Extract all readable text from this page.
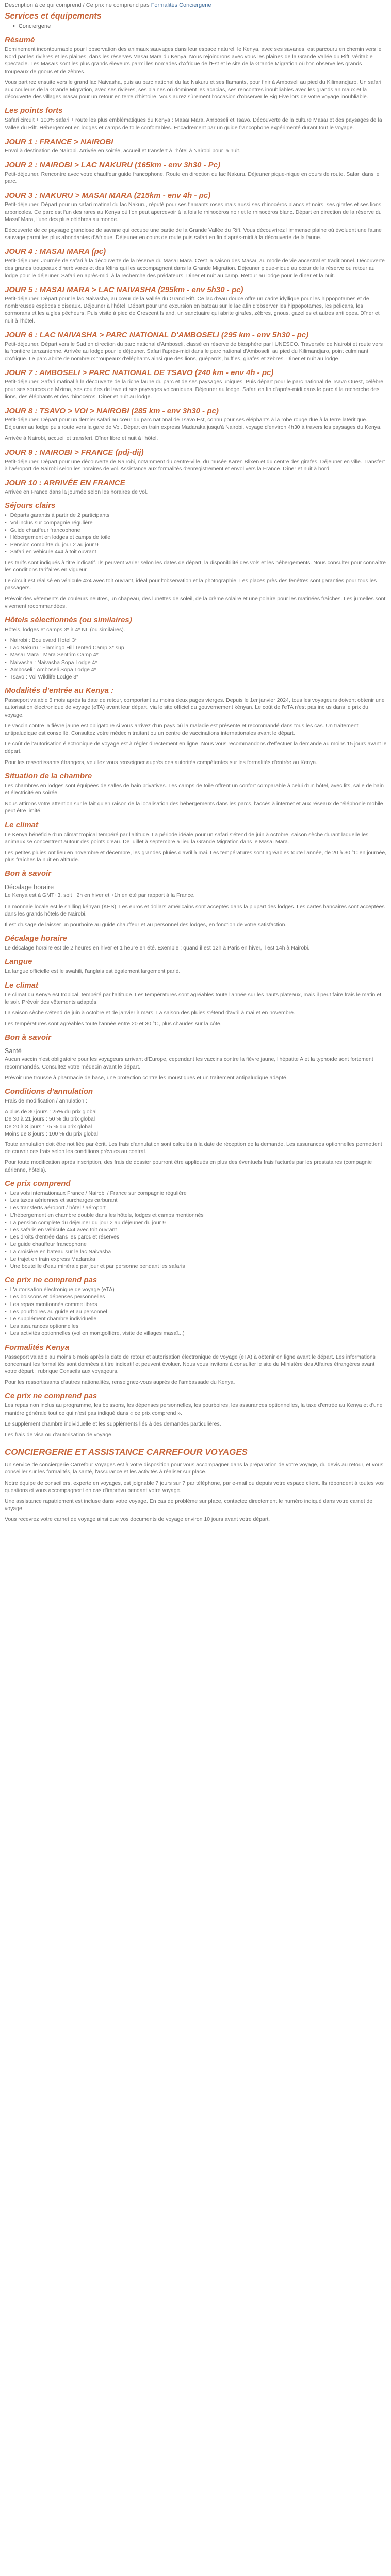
Description à ce qui comprend / Ce prix ne comprend pas Formalités Conciergerie
Services et équipements
• Conciergerie
Résumé

Dominement incontournable pour l'observation des animaux sauvages dans leur espace naturel, le Kenya, avec ses savanes, est parcouru en chemin vers le Nord par les rivières et les plaines, dans les réserves Masaï Mara du Kenya. Nous rejoindrons avec vous les plaines de la Grande Vallée du Rift, véritable spectacle. Les Masaïs sont les plus grands éleveurs parmi les nomades d'Afrique de l'Est et le site de la Grande Migration où l'on observe les grands troupeaux de gnous et de zèbres.

Vous partirez ensuite vers le grand lac Naivasha, puis au parc national du lac Nakuru et ses flamants, pour finir à Amboseli au pied du Kilimandjaro. Un safari aux couleurs de la Grande Migration, avec ses rivières, ses plaines où dominent les acacias, ses rencontres inoubliables avec les grands animaux et la découverte des villages masaï pour un retour en terre d'histoire. Vous aurez sûrement l'occasion d'observer le Big Five lors de votre voyage inoubliable.

Les points forts

Safari circuit + 100% safari + route les plus emblématiques du Kenya : Masaï Mara, Amboseli et Tsavo. Découverte de la culture Masaï et des paysages de la Vallée du Rift. Hébergement en lodges et camps de toile confortables. Encadrement par un guide francophone expérimenté durant tout le voyage.

JOUR 1 : FRANCE > NAIROBI

Envol à destination de Nairobi. Arrivée en soirée, accueil et transfert à l'hôtel à Nairobi pour la nuit.

JOUR 2 : NAIROBI > LAC NAKURU (165km - env 3h30 - Pc)

Petit-déjeuner. Rencontre avec votre chauffeur guide francophone. Route en direction du lac Nakuru. Déjeuner pique-nique en cours de route. Safari dans le parc.

JOUR 3 : NAKURU > MASAI MARA (215km - env 4h - pc)

Petit-déjeuner. Départ pour un safari matinal du lac Nakuru, réputé pour ses flamants roses mais aussi ses rhinocéros blancs et noirs, ses girafes et ses lions arboricoles. Ce parc est l'un des rares au Kenya où l'on peut apercevoir à la fois le rhinocéros noir et le rhinocéros blanc. Départ en direction de la réserve du Masaï Mara, l'une des plus célèbres au monde.

Découverte de ce paysage grandiose de savane qui occupe une partie de la Grande Vallée du Rift. Vous découvrirez l'immense plaine où évoluent une faune sauvage parmi les plus abondantes d'Afrique. Déjeuner en cours de route puis safari en fin d'après-midi à la découverte de la faune.

JOUR 4 : MASAI MARA (pc)

Petit-déjeuner. Journée de safari à la découverte de la réserve du Masaï Mara. C'est la saison des Masaï, au mode de vie ancestral et traditionnel. Découverte des grands troupeaux d'herbivores et des félins qui les accompagnent dans la Grande Migration. Déjeuner pique-nique au cœur de la réserve ou retour au lodge pour le déjeuner. Safari en après-midi à la recherche des prédateurs. Dîner et nuit au camp. Retour au lodge pour le dîner et la nuit.

JOUR 5 : MASAI MARA > LAC NAIVASHA (295km - env 5h30 - pc)

Petit-déjeuner. Départ pour le lac Naivasha, au cœur de la Vallée du Grand Rift. Ce lac d'eau douce offre un cadre idyllique pour les hippopotames et de nombreuses espèces d'oiseaux. Déjeuner à l'hôtel. Départ pour une excursion en bateau sur le lac afin d'observer les hippopotames, les pélicans, les cormorans et les aigles pêcheurs. Puis visite à pied de Crescent Island, un sanctuaire qui abrite girafes, zèbres, gnous, gazelles et autres antilopes. Dîner et nuit à l'hôtel.

JOUR 6 : LAC NAIVASHA > PARC NATIONAL D'AMBOSELI (295 km - env 5h30 - pc)

Petit-déjeuner. Départ vers le Sud en direction du parc national d'Amboseli, classé en réserve de biosphère par l'UNESCO. Traversée de Nairobi et route vers la frontière tanzanienne. Arrivée au lodge pour le déjeuner. Safari l'après-midi dans le parc national d'Amboseli, au pied du Kilimandjaro, point culminant d'Afrique. Le parc abrite de nombreux troupeaux d'éléphants ainsi que des lions, guépards, buffles, girafes et zèbres. Dîner et nuit au lodge.

JOUR 7 : AMBOSELI > PARC NATIONAL DE TSAVO (240 km - env 4h - pc)

Petit-déjeuner. Safari matinal à la découverte de la riche faune du parc et de ses paysages uniques. Puis départ pour le parc national de Tsavo Ouest, célèbre pour ses sources de Mzima, ses coulées de lave et ses paysages volcaniques. Déjeuner au lodge. Safari en fin d'après-midi dans le parc à la recherche des lions, des éléphants et des rhinocéros. Dîner et nuit au lodge.

JOUR 8 : TSAVO > VOI > NAIROBI (285 km - env 3h30 - pc)

Petit-déjeuner. Départ pour un dernier safari au cœur du parc national de Tsavo Est, connu pour ses éléphants à la robe rouge due à la terre latéritique. Déjeuner au lodge puis route vers la gare de Voi. Départ en train express Madaraka jusqu'à Nairobi, voyage d'environ 4h30 à travers les paysages du Kenya.

Arrivée à Nairobi, accueil et transfert. Dîner libre et nuit à l'hôtel.

JOUR 9 : NAIROBI > FRANCE (pdj-dij)

Petit-déjeuner. Départ pour une découverte de Nairobi, notamment du centre-ville, du musée Karen Blixen et du centre des girafes. Déjeuner en ville. Transfert à l'aéroport de Nairobi selon les horaires de vol. Assistance aux formalités d'enregistrement et envol vers la France. Dîner et nuit à bord.

JOUR 10 : ARRIVÉE EN FRANCE

Arrivée en France dans la journée selon les horaires de vol.

Séjours clairs
• Départs garantis à partir de 2 participants
• Vol inclus sur compagnie régulière
• Guide chauffeur francophone
• Hébergement en lodges et camps de toile
• Pension complète du jour 2 au jour 9
• Safari en véhicule 4x4 à toit ouvrant

Les tarifs sont indiqués à titre indicatif. Ils peuvent varier selon les dates de départ, la disponibilité des vols et les hébergements. Nous consulter pour connaître les conditions tarifaires en vigueur.

Le circuit est réalisé en véhicule 4x4 avec toit ouvrant, idéal pour l'observation et la photographie. Les places près des fenêtres sont garanties pour tous les passagers.

Prévoir des vêtements de couleurs neutres, un chapeau, des lunettes de soleil, de la crème solaire et une polaire pour les matinées fraîches. Les jumelles sont vivement recommandées.

Hôtels sélectionnés (ou similaires)

Hôtels, lodges et camps 3* à 4* NL (ou similaires).

• Nairobi : Boulevard Hotel 3*
• Lac Nakuru : Flamingo Hill Tented Camp 3* sup
• Masaï Mara : Mara Sentrim Camp 4*
• Naivasha : Naivasha Sopa Lodge 4*
• Amboseli : Amboseli Sopa Lodge 4*
• Tsavo : Voi Wildlife Lodge 3*
Modalités d'entrée au Kenya :

Passeport valable 6 mois après la date de retour, comportant au moins deux pages vierges. Depuis le 1er janvier 2024, tous les voyageurs doivent obtenir une autorisation électronique de voyage (eTA) avant leur départ, via le site officiel du gouvernement kényan. Le coût de l'eTA n'est pas inclus dans le prix du voyage.

Le vaccin contre la fièvre jaune est obligatoire si vous arrivez d'un pays où la maladie est présente et recommandé dans tous les cas. Un traitement antipaludique est conseillé. Consultez votre médecin traitant ou un centre de vaccinations internationales avant le départ.

Le coût de l'autorisation électronique de voyage est à régler directement en ligne. Nous vous recommandons d'effectuer la demande au moins 15 jours avant le départ.

Pour les ressortissants étrangers, veuillez vous renseigner auprès des autorités compétentes sur les formalités d'entrée au Kenya.

Situation de la chambre

Les chambres en lodges sont équipées de salles de bain privatives. Les camps de toile offrent un confort comparable à celui d'un hôtel, avec lits, salle de bain et électricité en soirée.

Nous attirons votre attention sur le fait qu'en raison de la localisation des hébergements dans les parcs, l'accès à internet et aux réseaux de téléphonie mobile peut être limité.

Le climat

Le Kenya bénéficie d'un climat tropical tempéré par l'altitude. La période idéale pour un safari s'étend de juin à octobre, saison sèche durant laquelle les animaux se concentrent autour des points d'eau. De juillet à septembre a lieu la Grande Migration dans le Masaï Mara.

Les petites pluies ont lieu en novembre et décembre, les grandes pluies d'avril à mai. Les températures sont agréables toute l'année, de 20 à 30 °C en journée, plus fraîches la nuit en altitude.

Bon à savoir
Décalage horaire

Le Kenya est à GMT+3, soit +2h en hiver et +1h en été par rapport à la France.

La monnaie locale est le shilling kényan (KES). Les euros et dollars américains sont acceptés dans la plupart des lodges. Les cartes bancaires sont acceptées dans les grands hôtels de Nairobi.

Il est d'usage de laisser un pourboire au guide chauffeur et au personnel des lodges, en fonction de votre satisfaction.

Décalage horaire

Le décalage horaire est de 2 heures en hiver et 1 heure en été. Exemple : quand il est 12h à Paris en hiver, il est 14h à Nairobi.

Langue

La langue officielle est le swahili, l'anglais est également largement parlé.

Le climat

Le climat du Kenya est tropical, tempéré par l'altitude. Les températures sont agréables toute l'année sur les hauts plateaux, mais il peut faire frais le matin et le soir. Prévoir des vêtements adaptés.

La saison sèche s'étend de juin à octobre et de janvier à mars. La saison des pluies s'étend d'avril à mai et en novembre.

Les températures sont agréables toute l'année entre 20 et 30 °C, plus chaudes sur la côte.

Bon à savoir
Santé

Aucun vaccin n'est obligatoire pour les voyageurs arrivant d'Europe, cependant les vaccins contre la fièvre jaune, l'hépatite A et la typhoïde sont fortement recommandés. Consultez votre médecin avant le départ.

Prévoir une trousse à pharmacie de base, une protection contre les moustiques et un traitement antipaludique adapté.

Conditions d'annulation

Frais de modification / annulation :

A plus de 30 jours : 25% du prix global
De 30 à 21 jours : 50 % du prix global
De 20 à 8 jours : 75 % du prix global
Moins de 8 jours : 100 % du prix global

Toute annulation doit être notifiée par écrit. Les frais d'annulation sont calculés à la date de réception de la demande. Les assurances optionnelles permettent de couvrir ces frais selon les conditions prévues au contrat.

Pour toute modification après inscription, des frais de dossier pourront être appliqués en plus des éventuels frais facturés par les prestataires (compagnie aérienne, hôtels).

Ce prix comprend
• Les vols internationaux France / Nairobi / France sur compagnie régulière
• Les taxes aériennes et surcharges carburant
• Les transferts aéroport / hôtel / aéroport
• L'hébergement en chambre double dans les hôtels, lodges et camps mentionnés
• La pension complète du déjeuner du jour 2 au déjeuner du jour 9
• Les safaris en véhicule 4x4 avec toit ouvrant
• Les droits d'entrée dans les parcs et réserves
• Le guide chauffeur francophone
• La croisière en bateau sur le lac Naivasha
• Le trajet en train express Madaraka
• Une bouteille d'eau minérale par jour et par personne pendant les safaris
Ce prix ne comprend pas
• L'autorisation électronique de voyage (eTA)
• Les boissons et dépenses personnelles
• Les repas mentionnés comme libres
• Les pourboires au guide et au personnel
• Le supplément chambre individuelle
• Les assurances optionnelles
• Les activités optionnelles (vol en montgolfière, visite de villages masaï...)
Formalités Kenya

Passeport valable au moins 6 mois après la date de retour et autorisation électronique de voyage (eTA) à obtenir en ligne avant le départ. Les informations concernant les formalités sont données à titre indicatif et peuvent évoluer. Nous vous invitons à consulter le site du Ministère des Affaires étrangères avant votre départ : rubrique Conseils aux voyageurs.

Pour les ressortissants d'autres nationalités, renseignez-vous auprès de l'ambassade du Kenya.

Ce prix ne comprend pas

Les repas non inclus au programme, les boissons, les dépenses personnelles, les pourboires, les assurances optionnelles, la taxe d'entrée au Kenya et d'une manière générale tout ce qui n'est pas indiqué dans « ce prix comprend ».

Le supplément chambre individuelle et les suppléments liés à des demandes particulières.

Les frais de visa ou d'autorisation de voyage.

CONCIERGERIE ET ASSISTANCE CARREFOUR VOYAGES

Un service de conciergerie Carrefour Voyages est à votre disposition pour vous accompagner dans la préparation de votre voyage, du devis au retour, et vous conseiller sur les formalités, la santé, l'assurance et les activités à réaliser sur place.

Notre équipe de conseillers, experte en voyages, est joignable 7 jours sur 7 par téléphone, par e-mail ou depuis votre espace client. Ils répondent à toutes vos questions et vous accompagnent en cas d'imprévu pendant votre voyage.

Une assistance rapatriement est incluse dans votre voyage. En cas de problème sur place, contactez directement le numéro indiqué dans votre carnet de voyage.

Vous recevrez votre carnet de voyage ainsi que vos documents de voyage environ 10 jours avant votre départ.
